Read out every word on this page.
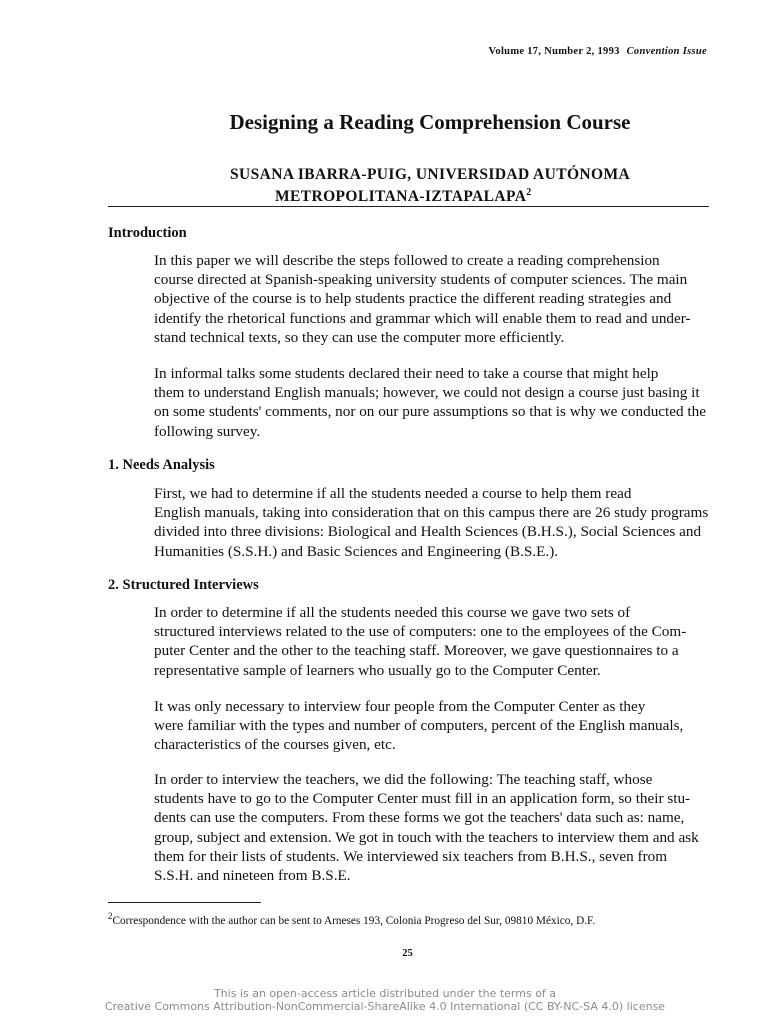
Volume 17, Number 2, 1993 Convention Issue
Designing a Reading Comprehension Course
SUSANA IBARRA-PUIG, UNIVERSIDAD AUTÓNOMA
METROPOLITANA-IZTAPALAPA$^2$
Introduction

In this paper we will describe the steps followed to create a reading comprehension
course directed at Spanish-speaking university students of computer sciences. The main
objective of the course is to help students practice the different reading strategies and
identify the rhetorical functions and grammar which will enable them to read and under-
stand technical texts, so they can use the computer more efficiently.

In informal talks some students declared their need to take a course that might help
them to understand English manuals; however, we could not design a course just basing it
on some students' comments, nor on our pure assumptions so that is why we conducted the
following survey.

1. Needs Analysis

First, we had to determine if all the students needed a course to help them read
English manuals, taking into consideration that on this campus there are 26 study programs
divided into three divisions: Biological and Health Sciences (B.H.S.), Social Sciences and
Humanities (S.S.H.) and Basic Sciences and Engineering (B.S.E.).

2. Structured Interviews

In order to determine if all the students needed this course we gave two sets of
structured interviews related to the use of computers: one to the employees of the Com-
puter Center and the other to the teaching staff. Moreover, we gave questionnaires to a
representative sample of learners who usually go to the Computer Center.

It was only necessary to interview four people from the Computer Center as they
were familiar with the types and number of computers, percent of the English manuals,
characteristics of the courses given, etc.

In order to interview the teachers, we did the following: The teaching staff, whose
students have to go to the Computer Center must fill in an application form, so their stu-
dents can use the computers. From these forms we got the teachers' data such as: name,
group, subject and extension. We got in touch with the teachers to interview them and ask
them for their lists of students. We interviewed six teachers from B.H.S., seven from
S.S.H. and nineteen from B.S.E.

$^2$Correspondence with the author can be sent to Arneses 193, Colonia Progreso del Sur, 09810 México, D.F.
25
This is an open-access article distributed under the terms of a
Creative Commons Attribution-NonCommercial-ShareAlike 4.0 International (CC BY-NC-SA 4.0) license
